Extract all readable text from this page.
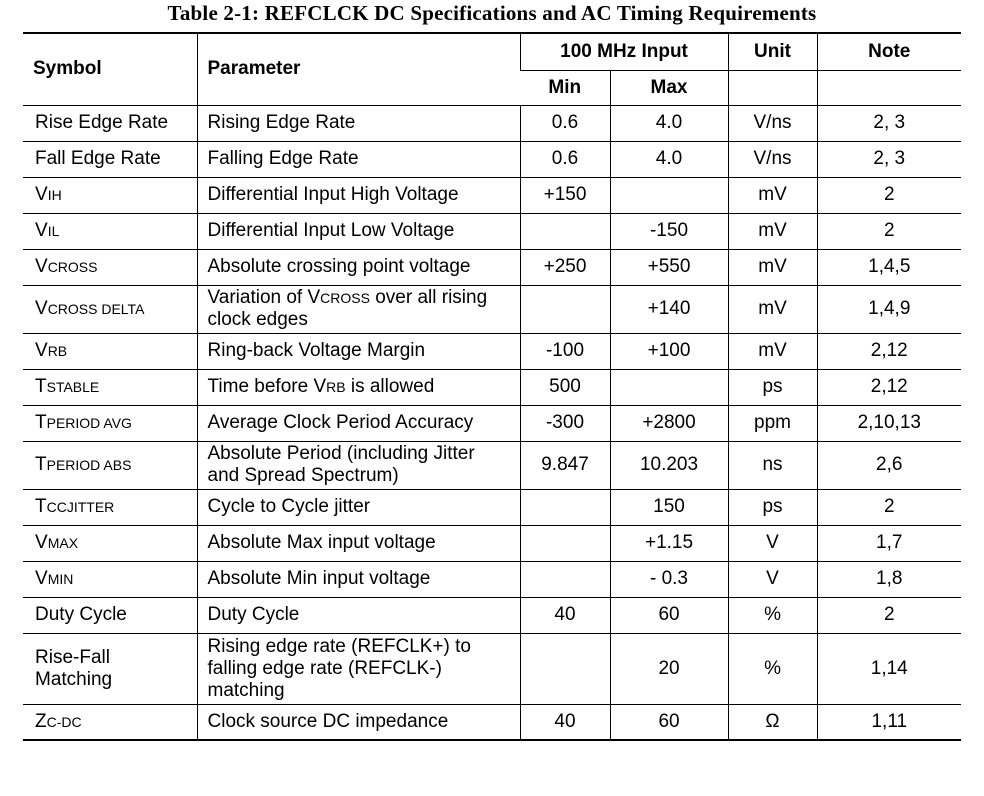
Table 2-1: REFCLCK DC Specifications and AC Timing Requirements
Symbol	Parameter	100 MHz Input		Unit	Note
		Min	Max		
Rise Edge Rate	Rising Edge Rate	0.6	4.0	V/ns	2, 3
Fall Edge Rate	Falling Edge Rate	0.6	4.0	V/ns	2, 3
VIH	Differential Input High Voltage	+150		mV	2
VIL	Differential Input Low Voltage		-150	mV	2
VCROSS	Absolute crossing point voltage	+250	+550	mV	1,4,5
VCROSS DELTA	Variation of VCROSS over all rising clock edges		+140	mV	1,4,9
VRB	Ring-back Voltage Margin	-100	+100	mV	2,12
TSTABLE	Time before VRB is allowed	500		ps	2,12
TPERIOD AVG	Average Clock Period Accuracy	-300	+2800	ppm	2,10,13
TPERIOD ABS	Absolute Period (including Jitter and Spread Spectrum)	9.847	10.203	ns	2,6
TCCJITTER	Cycle to Cycle jitter		150	ps	2
VMAX	Absolute Max input voltage		+1.15	V	1,7
VMIN	Absolute Min input voltage		- 0.3	V	1,8
Duty Cycle	Duty Cycle	40	60	%	2
Rise-Fall Matching	Rising edge rate (REFCLK+) to falling edge rate (REFCLK-) matching		20	%	1,14
ZC-DC	Clock source DC impedance	40	60	Ω	1,11
